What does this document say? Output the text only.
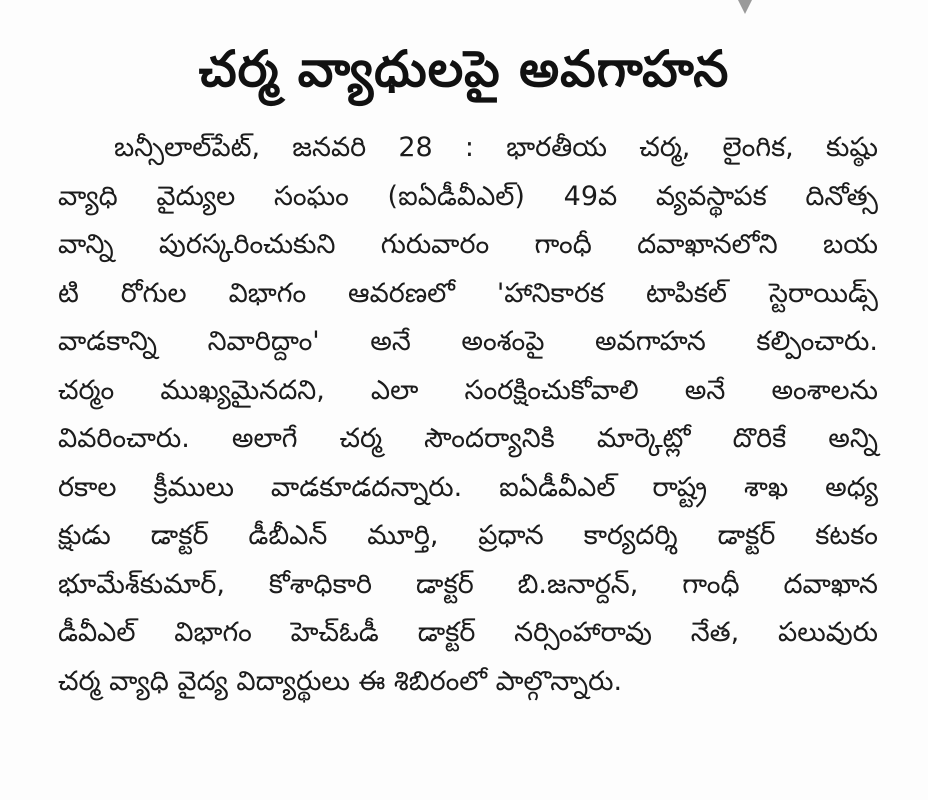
చర్మ వ్యాధులపై అవగాహన
బన్సీలాల్‌పేట్, జనవరి 28 : భారతీయ చర్మ, లైంగిక, కుష్ఠు
వ్యాధి వైద్యుల సంఘం (ఐఏడీవీఎల్) 49వ వ్యవస్థాపక దినోత్స
వాన్ని పురస్కరించుకుని గురువారం గాంధీ దవాఖానలోని బయ
టి రోగుల విభాగం ఆవరణలో 'హానికారక టాపికల్ స్టెరాయిడ్స్
వాడకాన్ని నివారిద్దాం' అనే అంశంపై అవగాహన కల్పించారు.
చర్మం ముఖ్యమైనదని, ఎలా సంరక్షించుకోవాలి అనే అంశాలను
వివరించారు. అలాగే చర్మ సౌందర్యానికి మార్కెట్లో దొరికే అన్ని
రకాల క్రీములు వాడకూడదన్నారు. ఐఏడీవీఎల్ రాష్ట్ర శాఖ అధ్య
క్షుడు డాక్టర్ డీబీఎన్ మూర్తి, ప్రధాన కార్యదర్శి డాక్టర్ కటకం
భూమేశ్‌కుమార్, కోశాధికారి డాక్టర్ బి.జనార్దన్, గాంధీ దవాఖాన
డీవీఎల్ విభాగం హెచ్ఓడీ డాక్టర్ నర్సింహారావు నేత, పలువురు
చర్మ వ్యాధి వైద్య విద్యార్థులు ఈ శిబిరంలో పాల్గొన్నారు.
